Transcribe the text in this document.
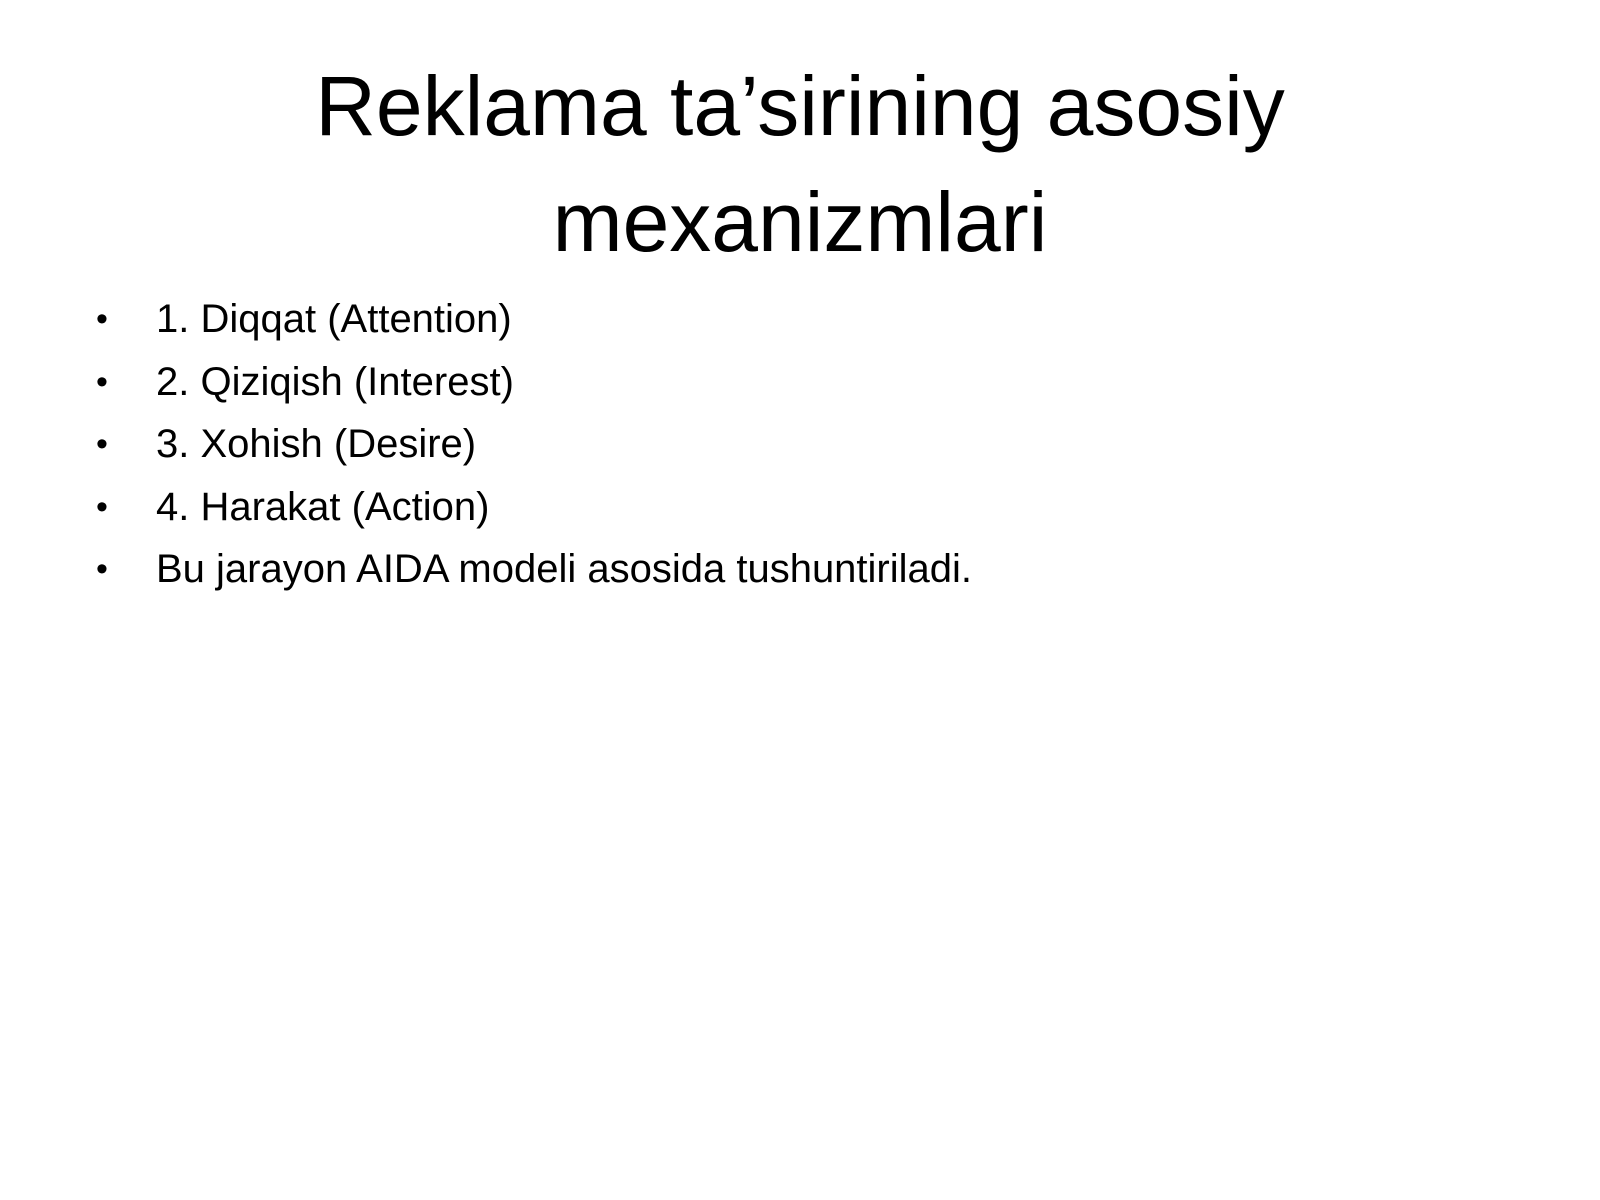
Reklama ta’sirining asosiy mexanizmlari
• 1. Diqqat (Attention)
• 2. Qiziqish (Interest)
• 3. Xohish (Desire)
• 4. Harakat (Action)
• Bu jarayon AIDA modeli asosida tushuntiriladi.
